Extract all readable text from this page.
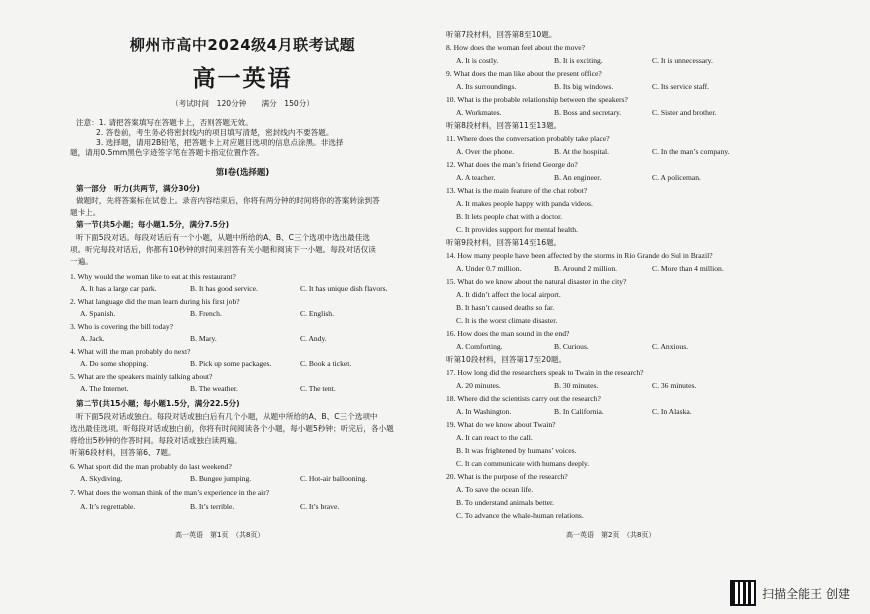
柳州市高中2024级4月联考试题
高一英语
（考试时间　120分钟　　满分　150分）
注意：1. 请把答案填写在答题卡上，否则答题无效。
2. 答卷前，考生务必将密封线内的项目填写清楚，密封线内不要答题。
3. 选择题，请用2B铅笔，把答题卡上对应题目选项的信息点涂黑。非选择
题，请用0.5mm黑色字迹签字笔在答题卡指定位置作答。
第Ⅰ卷(选择题)
第一部分　听力(共两节，满分30分)
做题时，先将答案标在试卷上。录音内容结束后，你将有两分钟的时间将你的答案转涂到答
题卡上。
第一节(共5小题；每小题1.5分，满分7.5分)
听下面5段对话。每段对话后有一个小题，从题中所给的A、B、C三个选项中选出最佳选
项。听完每段对话后，你都有10秒钟的时间来回答有关小题和阅读下一小题。每段对话仅读
一遍。
1. Why would the woman like to eat at this restaurant?
A. It has a large car park.	B. It has good service.	C. It has unique dish flavors.
2. What language did the man learn during his first job?
A. Spanish.	B. French.	C. English.
3. Who is covering the bill today?
A. Jack.	B. Mary.	C. Andy.
4. What will the man probably do next?
A. Do some shopping.	B. Pick up some packages.	C. Book a ticket.
5. What are the speakers mainly talking about?
A. The Internet.	B. The weather.	C. The tent.
第二节(共15小题；每小题1.5分，满分22.5分)
听下面5段对话或独白。每段对话或独白后有几个小题，从题中所给的A、B、C三个选项中
选出最佳选项。听每段对话或独白前，你将有时间阅读各个小题，每小题5秒钟；听完后，各小题
将给出5秒钟的作答时间。每段对话或独白读两遍。
听第6段材料，回答第6、7题。
6. What sport did the man probably do last weekend?
A. Skydiving.	B. Bungee jumping.	C. Hot-air ballooning.
7. What does the woman think of the man’s experience in the air?
A. It’s regrettable.	B. It’s terrible.	C. It’s brave.
高一英语　第1页　（共8页）
听第7段材料，回答第8至10题。
8. How does the woman feel about the move?
A. It is costly.	B. It is exciting.	C. It is unnecessary.
9. What does the man like about the present office?
A. Its surroundings.	B. Its big windows.	C. Its service staff.
10. What is the probable relationship between the speakers?
A. Workmates.	B. Boss and secretary.	C. Sister and brother.
听第8段材料，回答第11至13题。
11. Where does the conversation probably take place?
A. Over the phone.	B. At the hospital.	C. In the man’s company.
12. What does the man’s friend George do?
A. A teacher.	B. An engineer.	C. A policeman.
13. What is the main feature of the chat robot?
A. It makes people happy with panda videos.
B. It lets people chat with a doctor.
C. It provides support for mental health.
听第9段材料，回答第14至16题。
14. How many people have been affected by the storms in Rio Grande do Sul in Brazil?
A. Under 0.7 million.	B. Around 2 million.	C. More than 4 million.
15. What do we know about the natural disaster in the city?
A. It didn’t affect the local airport.
B. It hasn’t caused deaths so far.
C. It is the worst climate disaster.
16. How does the man sound in the end?
A. Comforting.	B. Curious.	C. Anxious.
听第10段材料，回答第17至20题。
17. How long did the researchers speak to Twain in the research?
A. 20 minutes.	B. 30 minutes.	C. 36 minutes.
18. Where did the scientists carry out the research?
A. In Washington.	B. In California.	C. In Alaska.
19. What do we know about Twain?
A. It can react to the call.
B. It was frightened by humans’ voices.
C. It can communicate with humans deeply.
20. What is the purpose of the research?
A. To save the ocean life.
B. To understand animals better.
C. To advance the whale-human relations.
高一英语　第2页　（共8页）
扫描全能王 创建
